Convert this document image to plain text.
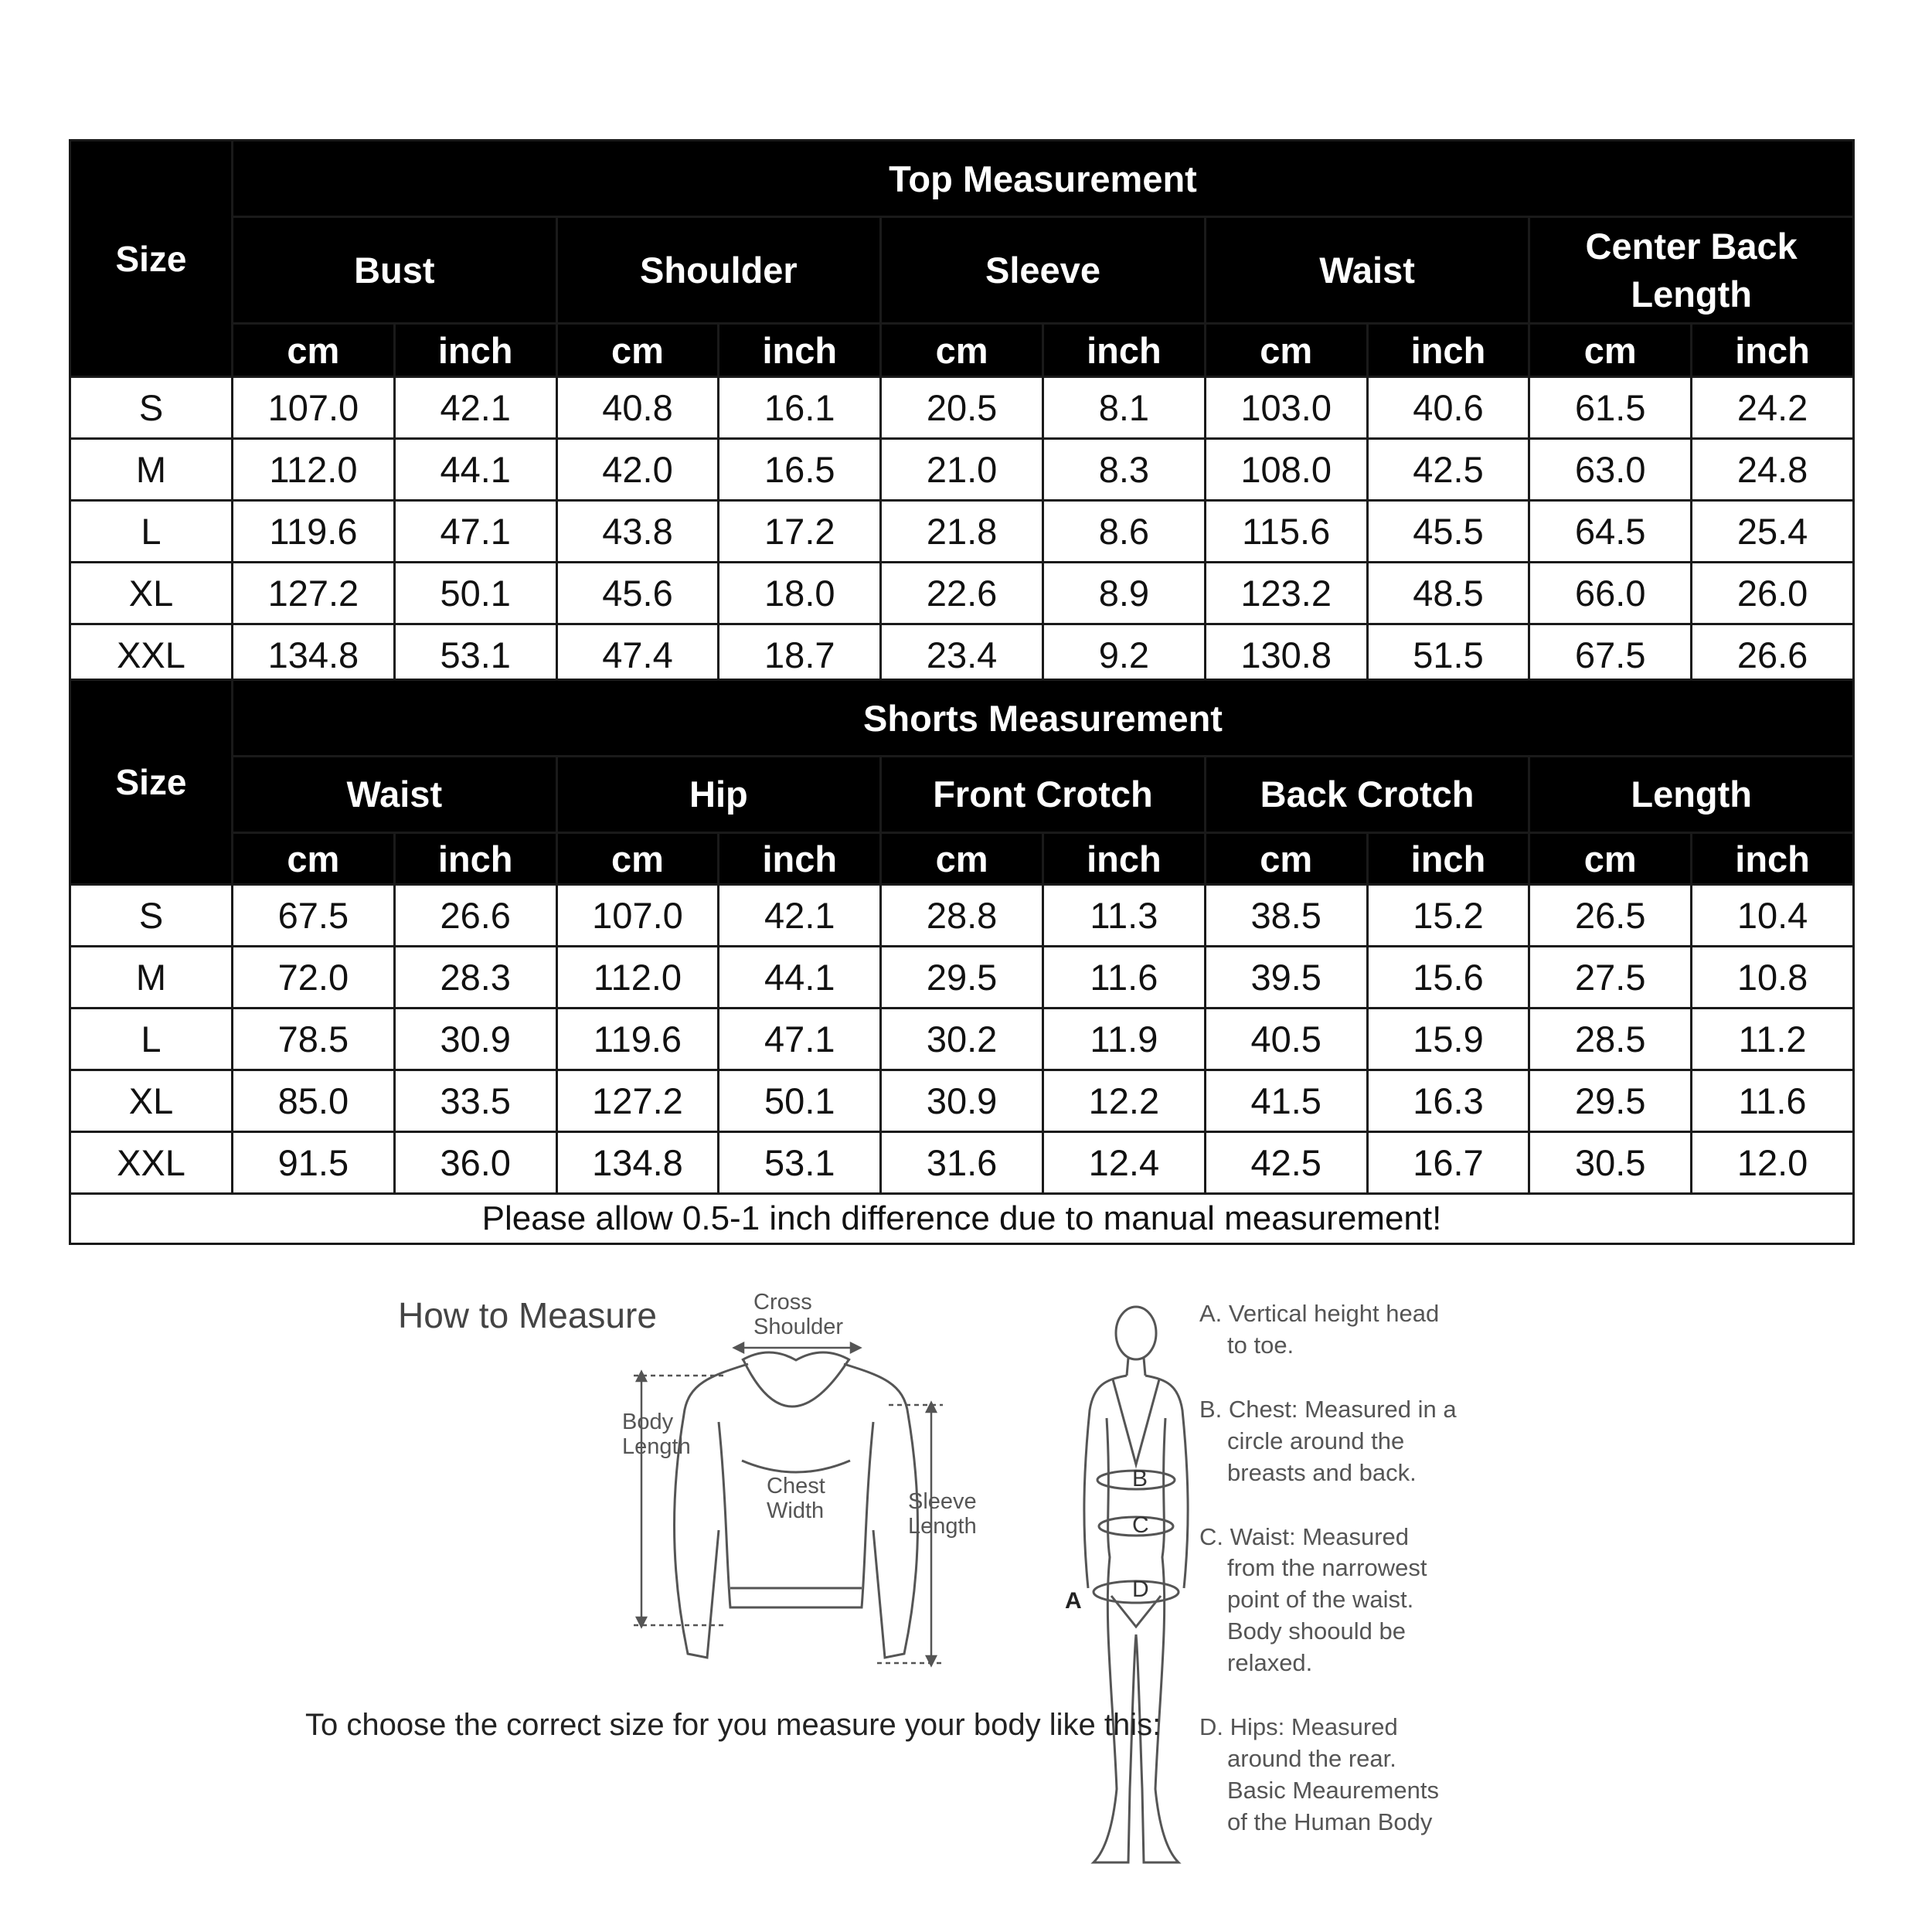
Size	Top Measurement									
	Bust		Shoulder		Sleeve		Waist		Center Back Length	
	cm	inch	cm	inch	cm	inch	cm	inch	cm	inch
S	107.0	42.1	40.8	16.1	20.5	8.1	103.0	40.6	61.5	24.2
M	112.0	44.1	42.0	16.5	21.0	8.3	108.0	42.5	63.0	24.8
L	119.6	47.1	43.8	17.2	21.8	8.6	115.6	45.5	64.5	25.4
XL	127.2	50.1	45.6	18.0	22.6	8.9	123.2	48.5	66.0	26.0
XXL	134.8	53.1	47.4	18.7	23.4	9.2	130.8	51.5	67.5	26.6
Size	Shorts Measurement									
	Waist		Hip		Front Crotch		Back Crotch		Length	
	cm	inch	cm	inch	cm	inch	cm	inch	cm	inch
S	67.5	26.6	107.0	42.1	28.8	11.3	38.5	15.2	26.5	10.4
M	72.0	28.3	112.0	44.1	29.5	11.6	39.5	15.6	27.5	10.8
L	78.5	30.9	119.6	47.1	30.2	11.9	40.5	15.9	28.5	11.2
XL	85.0	33.5	127.2	50.1	30.9	12.2	41.5	16.3	29.5	11.6
XXL	91.5	36.0	134.8	53.1	31.6	12.4	42.5	16.7	30.5	12.0
Please allow 0.5-1 inch difference due to manual measurement!										
How to Measure	Cross
Shoulder
Body
Length
Chest
Width	Sleeve
Length
B
C
D
A

A. Vertical height head
to toe.

B. Chest: Measured in a
circle around the
breasts and back.

C. Waist: Measured
from the narrowest
point of the waist.
Body shoould be
relaxed.

D. Hips: Measured
around the rear.
Basic Meaurements
of the Human Body

To choose the correct size for you measure your body like this:
